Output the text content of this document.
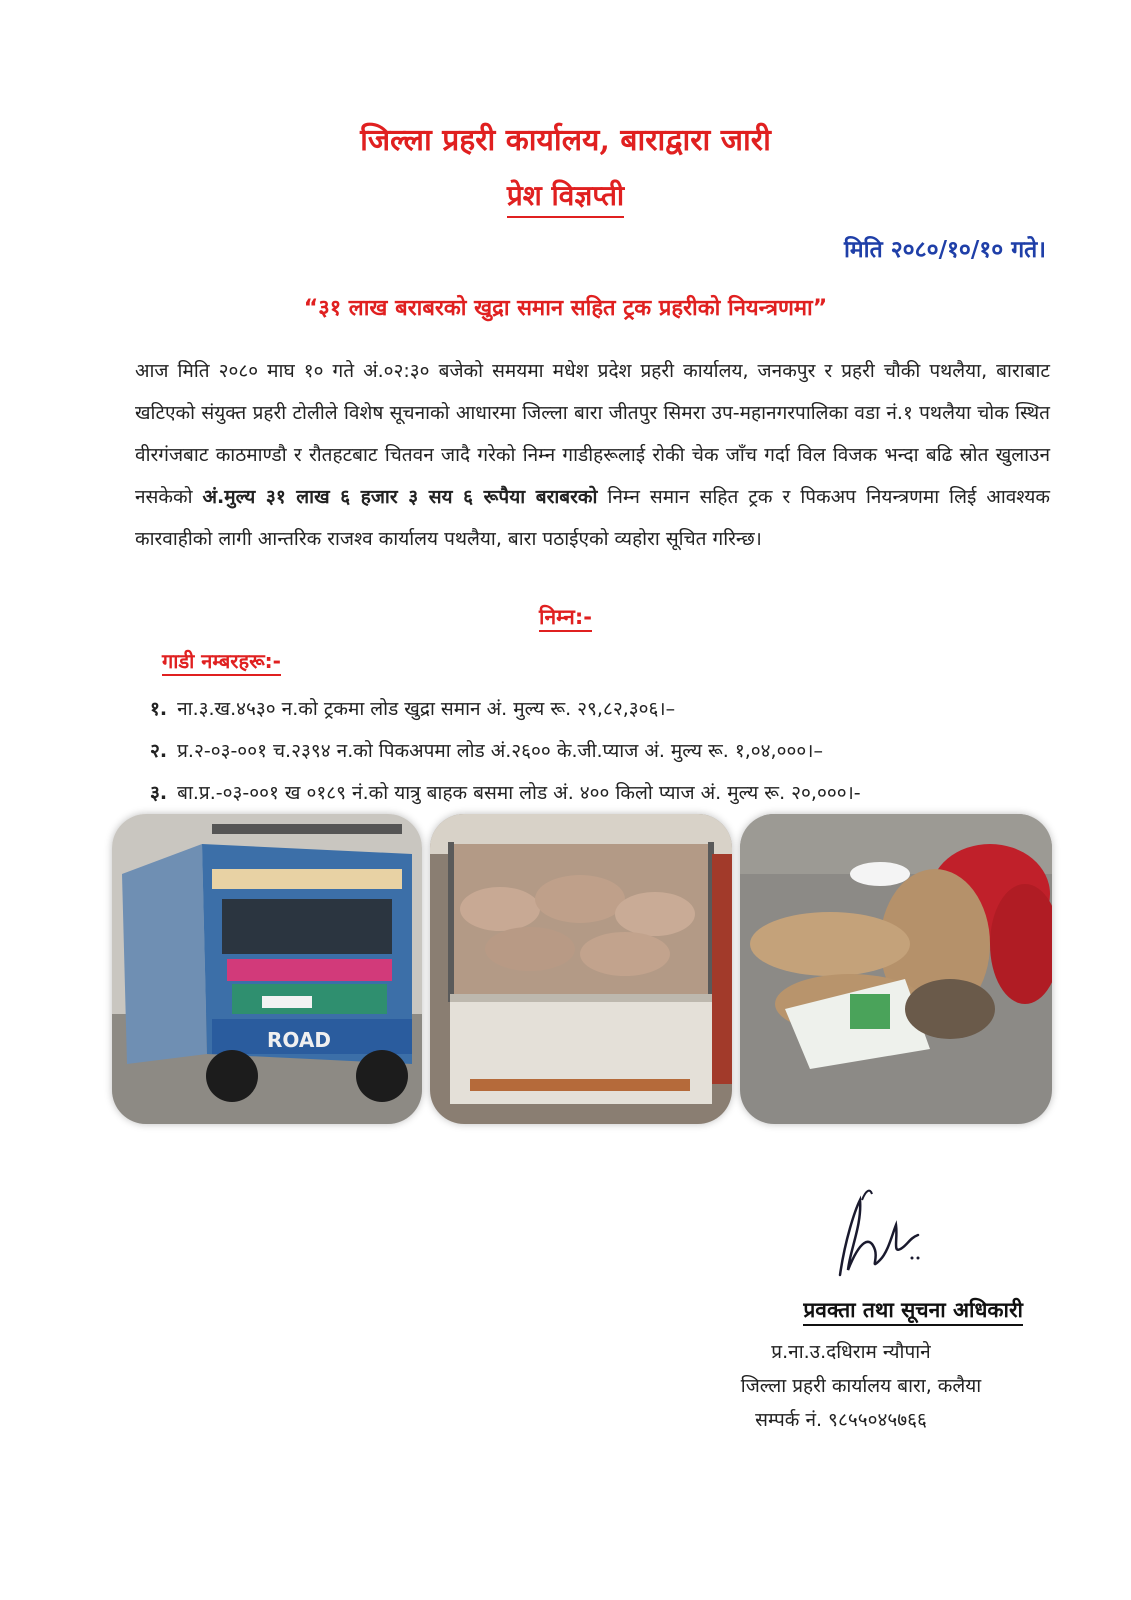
जिल्ला प्रहरी कार्यालय, बाराद्वारा जारी
प्रेश विज्ञप्ती
मिति २०८०/१०/१० गते।
“३१ लाख बराबरको खुद्रा समान सहित ट्रक प्रहरीको नियन्त्रणमा”
आज मिति २०८० माघ १० गते अं.०२:३० बजेको समयमा मधेश प्रदेश प्रहरी कार्यालय, जनकपुर र प्रहरी चौकी पथलैया, बाराबाट खटिएको संयुक्त प्रहरी टोलीले विशेष सूचनाको आधारमा जिल्ला बारा जीतपुर सिमरा उप-महानगरपालिका वडा नं.१ पथलैया चोक स्थित वीरगंजबाट काठमाण्डौ र रौतहटबाट चितवन जादै गरेको निम्न गाडीहरूलाई रोकी चेक जाँच गर्दा विल विजक भन्दा बढि स्रोत खुलाउन नसकेको अं.मुल्य ३१ लाख ६ हजार ३ सय ६ रूपैया बराबरको निम्न समान सहित ट्रक र पिकअप नियन्त्रणमा लिई आवश्यक कारवाहीको लागी आन्तरिक राजश्व कार्यालय पथलैया, बारा पठाईएको व्यहोरा सूचित गरिन्छ।
निम्न:-
गाडी नम्बरहरू:-
१. ना.३.ख.४५३० न.को ट्रकमा लोड खुद्रा समान अं. मुल्य रू. २९,८२,३०६।–
२. प्र.२-०३-००१ च.२३९४ न.को पिकअपमा लोड अं.२६०० के.जी.प्याज अं. मुल्य रू. १,०४,०००।–
३. बा.प्र.-०३-००१ ख ०१८९ नं.को यात्रु बाहक बसमा लोड अं. ४०० किलो प्याज अं. मुल्य रू. २०,०००।-
ROAD
प्रवक्ता तथा सूचना अधिकारी
प्र.ना.उ.दधिराम न्यौपाने
जिल्ला प्रहरी कार्यालय बारा, कलैया
सम्पर्क नं. ९८५५०४५७६६
